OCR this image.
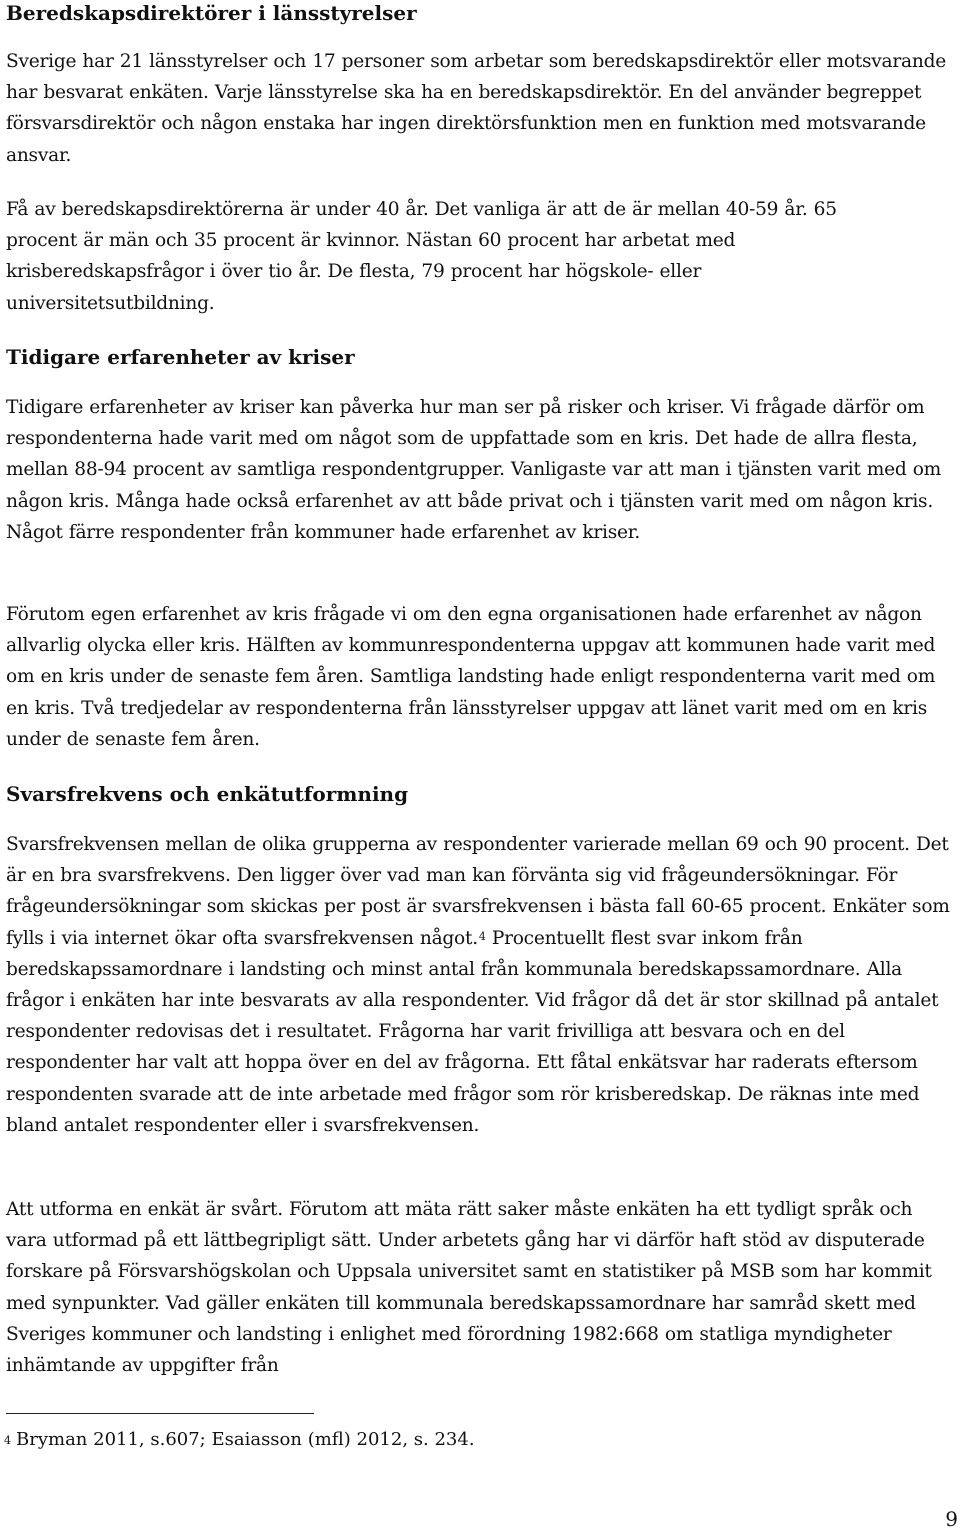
Beredskapsdirektörer i länsstyrelser

Sverige har 21 länsstyrelser och 17 personer som arbetar som beredskapsdirektör eller motsvarande har besvarat enkäten. Varje länsstyrelse ska ha en beredskapsdirektör. En del använder begreppet försvarsdirektör och någon enstaka har ingen direktörsfunktion men en funktion med motsvarande ansvar.

Få av beredskapsdirektörerna är under 40 år. Det vanliga är att de är mellan 40-59 år. 65 procent är män och 35 procent är kvinnor. Nästan 60 procent har arbetat med krisberedskapsfrågor i över tio år. De flesta, 79 procent har högskole- eller universitetsutbildning.

Tidigare erfarenheter av kriser

Tidigare erfarenheter av kriser kan påverka hur man ser på risker och kriser. Vi frågade därför om respondenterna hade varit med om något som de uppfattade som en kris. Det hade de allra flesta, mellan 88-94 procent av samtliga respondentgrupper. Vanligaste var att man i tjänsten varit med om någon kris. Många hade också erfarenhet av att både privat och i tjänsten varit med om någon kris. Något färre respondenter från kommuner hade erfarenhet av kriser.

Förutom egen erfarenhet av kris frågade vi om den egna organisationen hade erfarenhet av någon allvarlig olycka eller kris. Hälften av kommunrespondenterna uppgav att kommunen hade varit med om en kris under de senaste fem åren. Samtliga landsting hade enligt respondenterna varit med om en kris. Två tredjedelar av respondenterna från länsstyrelser uppgav att länet varit med om en kris under de senaste fem åren.

Svarsfrekvens och enkätutformning

Svarsfrekvensen mellan de olika grupperna av respondenter varierade mellan 69 och 90 procent. Det är en bra svarsfrekvens. Den ligger över vad man kan förvänta sig vid frågeundersökningar. För frågeundersökningar som skickas per post är svarsfrekvensen i bästa fall 60-65 procent. Enkäter som fylls i via internet ökar ofta svarsfrekvensen något.$^4$ Procentuellt flest svar inkom från beredskapssamordnare i landsting och minst antal från kommunala beredskapssamordnare. Alla frågor i enkäten har inte besvarats av alla respondenter. Vid frågor då det är stor skillnad på antalet respondenter redovisas det i resultatet. Frågorna har varit frivilliga att besvara och en del respondenter har valt att hoppa över en del av frågorna. Ett fåtal enkätsvar har raderats eftersom respondenten svarade att de inte arbetade med frågor som rör krisberedskap. De räknas inte med bland antalet respondenter eller i svarsfrekvensen.

Att utforma en enkät är svårt. Förutom att mäta rätt saker måste enkäten ha ett tydligt språk och vara utformad på ett lättbegripligt sätt. Under arbetets gång har vi därför haft stöd av disputerade forskare på Försvarshögskolan och Uppsala universitet samt en statistiker på MSB som har kommit med synpunkter. Vad gäller enkäten till kommunala beredskapssamordnare har samråd skett med Sveriges kommuner och landsting i enlighet med förordning 1982:668 om statliga myndigheter inhämtande av uppgifter från

$^4$ Bryman 2011, s.607; Esaiasson (mfl) 2012, s. 234.
9
